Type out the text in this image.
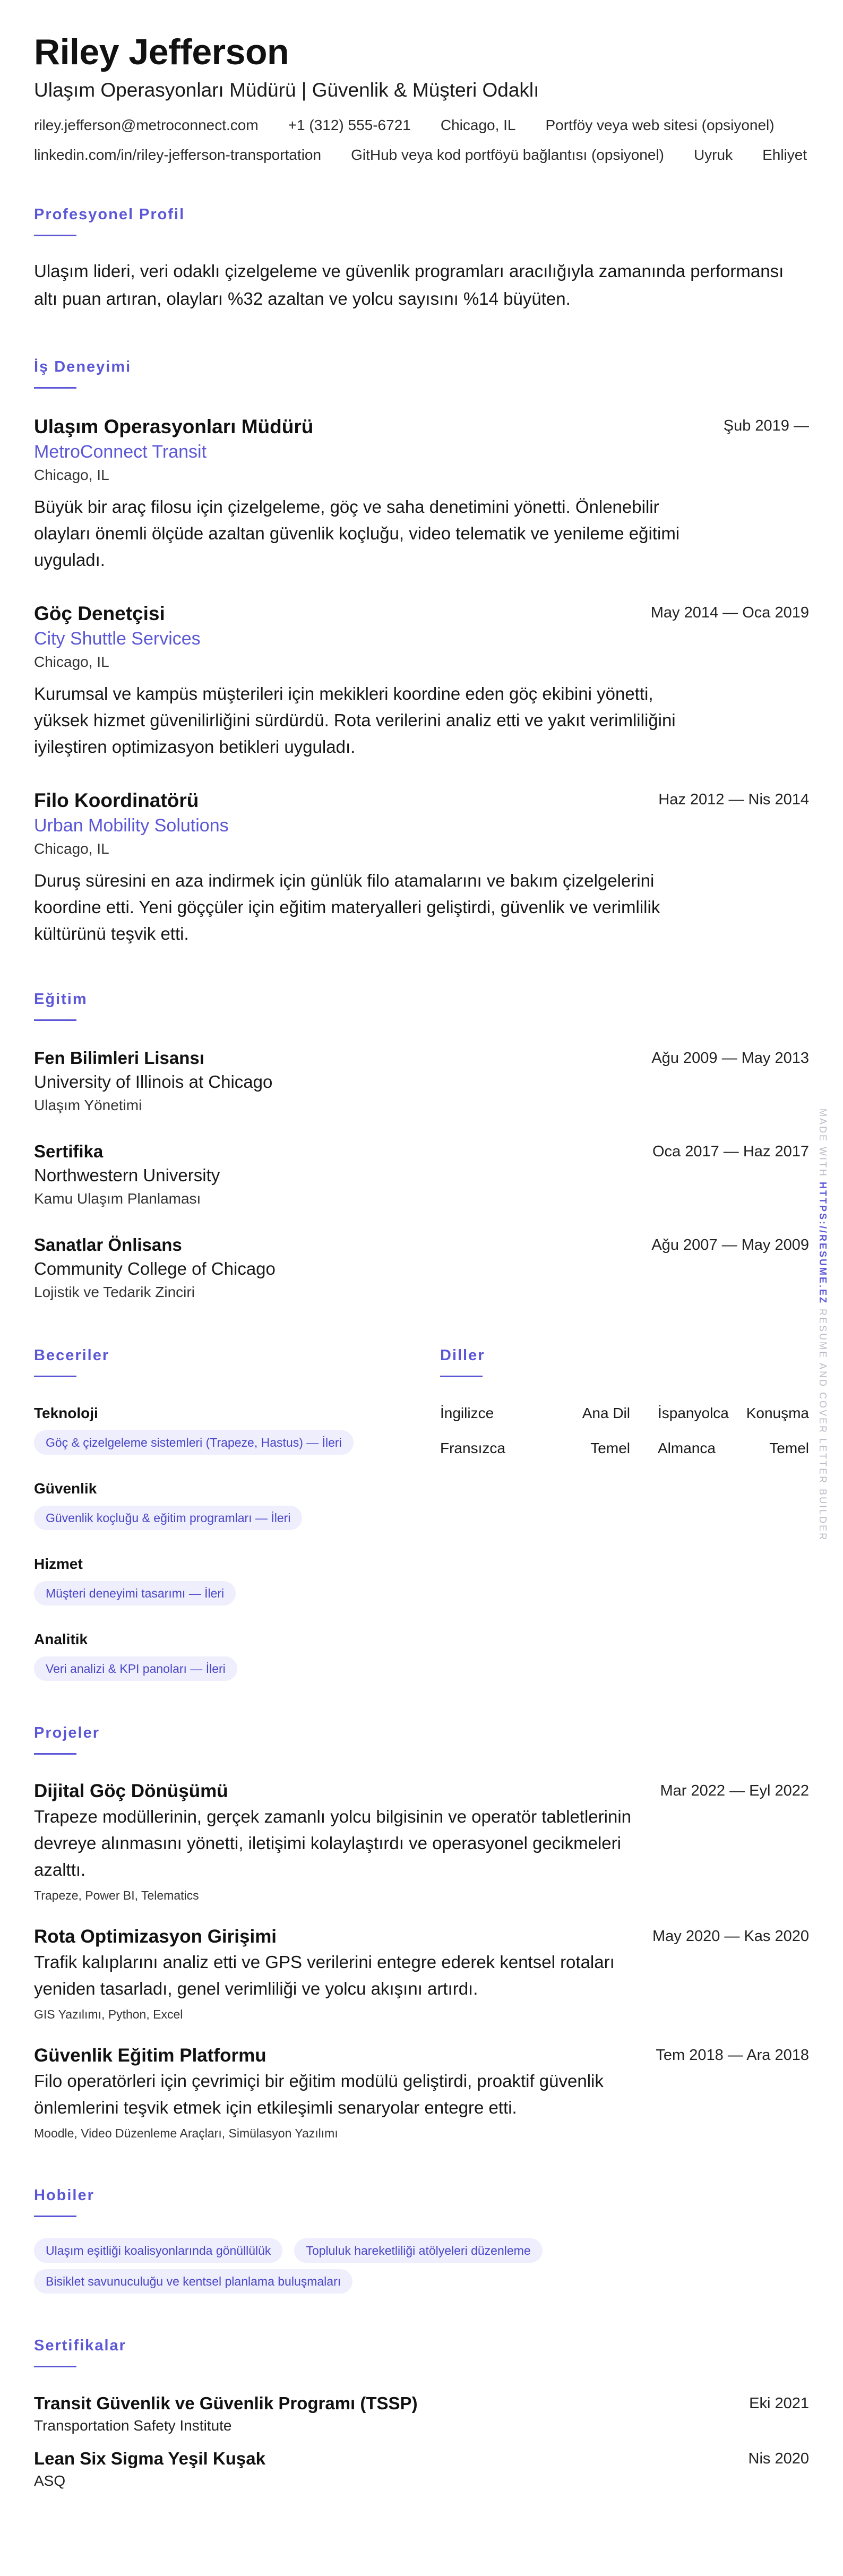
Riley Jefferson
Ulaşım Operasyonları Müdürü | Güvenlik & Müşteri Odaklı
riley.jefferson@metroconnect.com +1 (312) 555-6721 Chicago, IL Portföy veya web sitesi (opsiyonel)
linkedin.com/in/riley-jefferson-transportation GitHub veya kod portföyü bağlantısı (opsiyonel) Uyruk Ehliyet
Profesyonel Profil
Ulaşım lideri, veri odaklı çizelgeleme ve güvenlik programları aracılığıyla zamanında performansı altı puan artıran, olayları %32 azaltan ve yolcu sayısını %14 büyüten.
İş Deneyimi
Şub 2019 —
Ulaşım Operasyonları Müdürü
MetroConnect Transit
Chicago, IL
Büyük bir araç filosu için çizelgeleme, göç ve saha denetimini yönetti. Önlenebilir olayları önemli ölçüde azaltan güvenlik koçluğu, video telematik ve yenileme eğitimi uyguladı.
May 2014 — Oca 2019
Göç Denetçisi
City Shuttle Services
Chicago, IL
Kurumsal ve kampüs müşterileri için mekikleri koordine eden göç ekibini yönetti, yüksek hizmet güvenilirliğini sürdürdü. Rota verilerini analiz etti ve yakıt verimliliğini iyileştiren optimizasyon betikleri uyguladı.
Haz 2012 — Nis 2014
Filo Koordinatörü
Urban Mobility Solutions
Chicago, IL
Duruş süresini en aza indirmek için günlük filo atamalarını ve bakım çizelgelerini koordine etti. Yeni göççüler için eğitim materyalleri geliştirdi, güvenlik ve verimlilik kültürünü teşvik etti.
Eğitim
Ağu 2009 — May 2013
Fen Bilimleri Lisansı
University of Illinois at Chicago
Ulaşım Yönetimi
Oca 2017 — Haz 2017
Sertifika
Northwestern University
Kamu Ulaşım Planlaması
Ağu 2007 — May 2009
Sanatlar Önlisans
Community College of Chicago
Lojistik ve Tedarik Zinciri
Beceriler
Teknoloji
Göç & çizelgeleme sistemleri (Trapeze, Hastus) — İleri
Güvenlik
Güvenlik koçluğu & eğitim programları — İleri
Hizmet
Müşteri deneyimi tasarımı — İleri
Analitik
Veri analizi & KPI panoları — İleri
Diller
İngilizce	Ana Dil	İspanyolca	Konuşma
Fransızca	Temel	Almanca	Temel
Projeler
Mar 2022 — Eyl 2022
Dijital Göç Dönüşümü
Trapeze modüllerinin, gerçek zamanlı yolcu bilgisinin ve operatör tabletlerinin devreye alınmasını yönetti, iletişimi kolaylaştırdı ve operasyonel gecikmeleri azalttı.
Trapeze, Power BI, Telematics
May 2020 — Kas 2020
Rota Optimizasyon Girişimi
Trafik kalıplarını analiz etti ve GPS verilerini entegre ederek kentsel rotaları yeniden tasarladı, genel verimliliği ve yolcu akışını artırdı.
GIS Yazılımı, Python, Excel
Tem 2018 — Ara 2018
Güvenlik Eğitim Platformu
Filo operatörleri için çevrimiçi bir eğitim modülü geliştirdi, proaktif güvenlik önlemlerini teşvik etmek için etkileşimli senaryolar entegre etti.
Moodle, Video Düzenleme Araçları, Simülasyon Yazılımı
Hobiler
Ulaşım eşitliği koalisyonlarında gönüllülük	Topluluk hareketliliği atölyeleri düzenleme
Bisiklet savunuculuğu ve kentsel planlama buluşmaları
Sertifikalar
Eki 2021
Transit Güvenlik ve Güvenlik Programı (TSSP)
Transportation Safety Institute
Nis 2020
Lean Six Sigma Yeşil Kuşak
ASQ
MADE WITH HTTPS://RESUME.EZ RESUME AND COVER LETTER BUILDER
